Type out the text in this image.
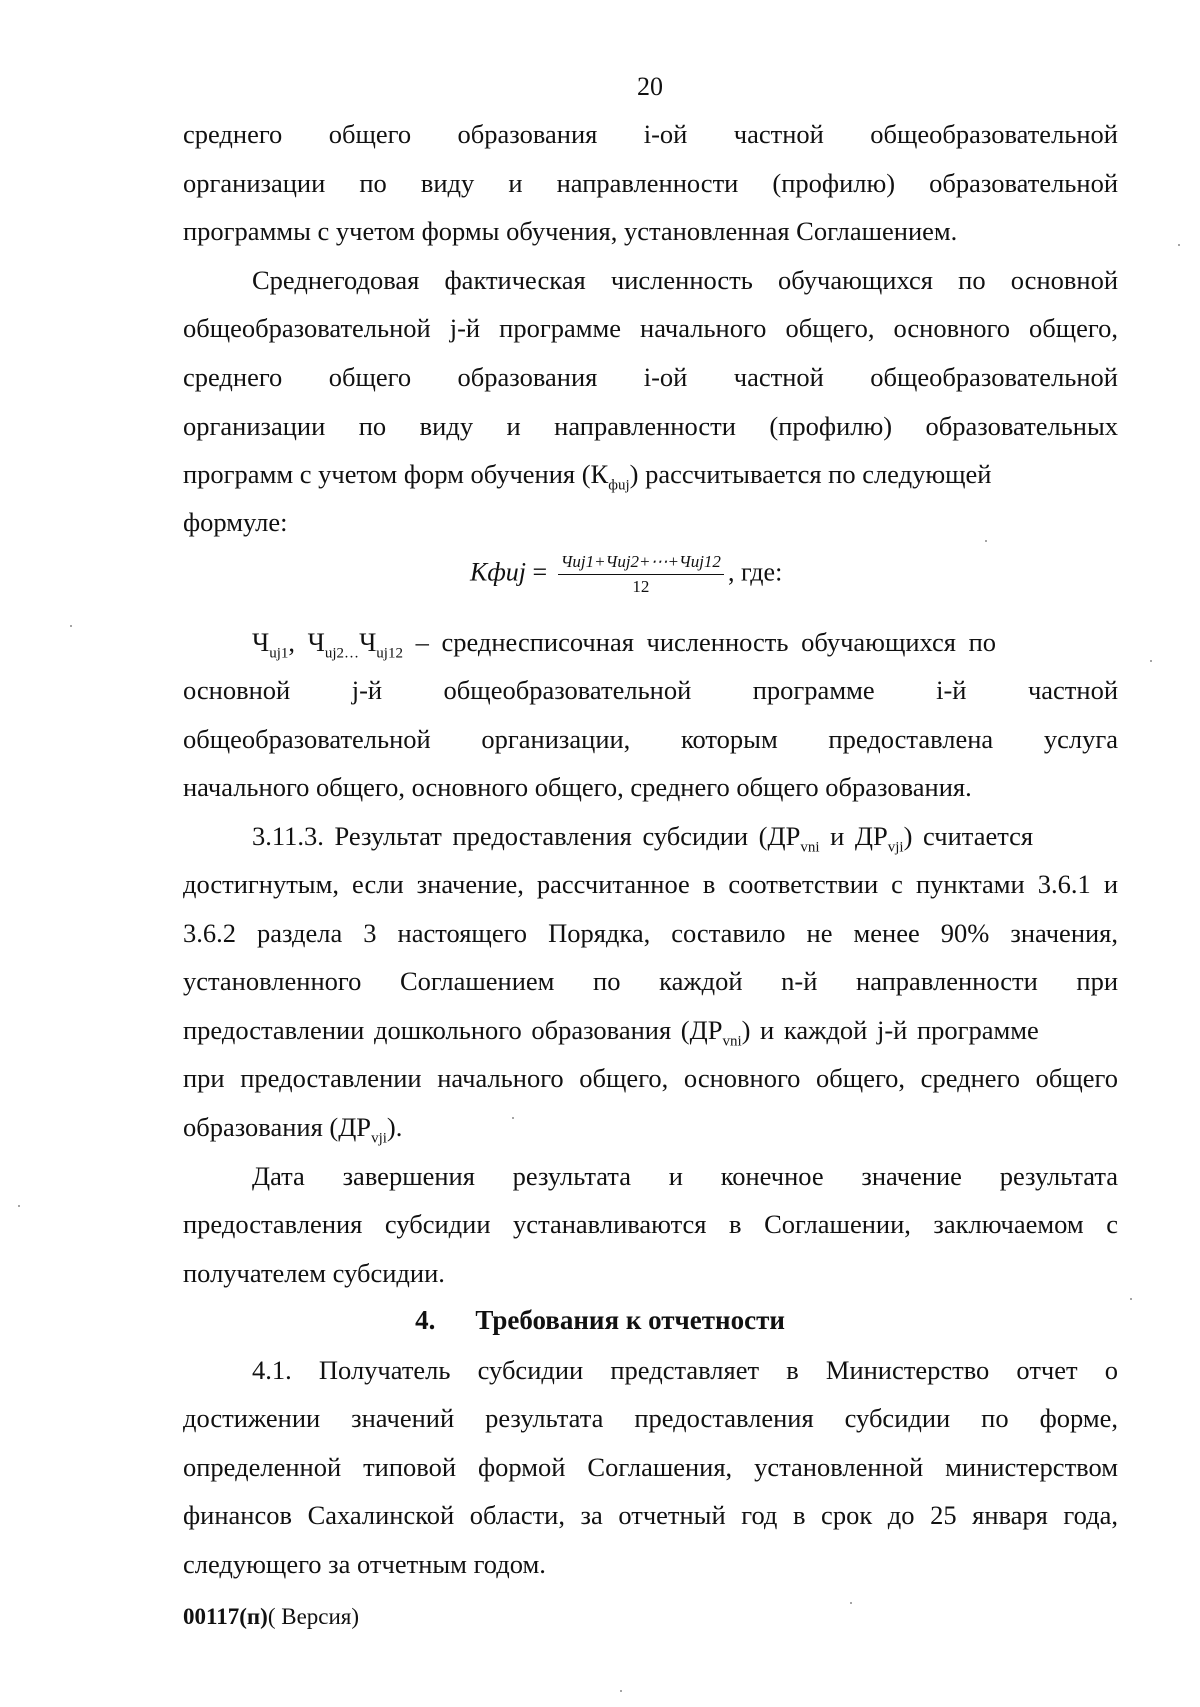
20
среднего общего образования i-ой частной общеобразовательной
организации по виду и направленности (профилю) образовательной
программы с учетом формы обучения, установленная Соглашением.
Среднегодовая фактическая численность обучающихся по основной
общеобразовательной j-й программе начального общего, основного общего,
среднего общего образования i-ой частной общеобразовательной
организации по виду и направленности (профилю) образовательных
программ с учетом форм обучения $(К_{фuj})$ рассчитывается по следующей
формуле:
Kфuj = $\frac{\text{Чuj1+Чuj2+⋯+Чuj12}}{12}$ , где:
$Ч_{uj1}$, $Ч_{uj2\dots}Ч_{uj12}$ – среднесписочная численность обучающихся по
основной j-й общеобразовательной программе i-й частной
общеобразовательной организации, которым предоставлена услуга
начального общего, основного общего, среднего общего образования.
3.11.3. Результат предоставления субсидии ($ДР_{vni}$ и $ДР_{vji}$) считается
достигнутым, если значение, рассчитанное в соответствии с пунктами 3.6.1 и
3.6.2 раздела 3 настоящего Порядка, составило не менее 90% значения,
установленного Соглашением по каждой n-й направленности при
предоставлении дошкольного образования $(ДР_{vni})$ и каждой j-й программе
при предоставлении начального общего, основного общего, среднего общего
образования $(ДР_{vji})$.
Дата завершения результата и конечное значение результата
предоставления субсидии устанавливаются в Соглашении, заключаемом с
получателем субсидии.
4. Требования к отчетности
4.1. Получатель субсидии представляет в Министерство отчет о
достижении значений результата предоставления субсидии по форме,
определенной типовой формой Соглашения, установленной министерством
финансов Сахалинской области, за отчетный год в срок до 25 января года,
следующего за отчетным годом.
00117(п)( Версия)
